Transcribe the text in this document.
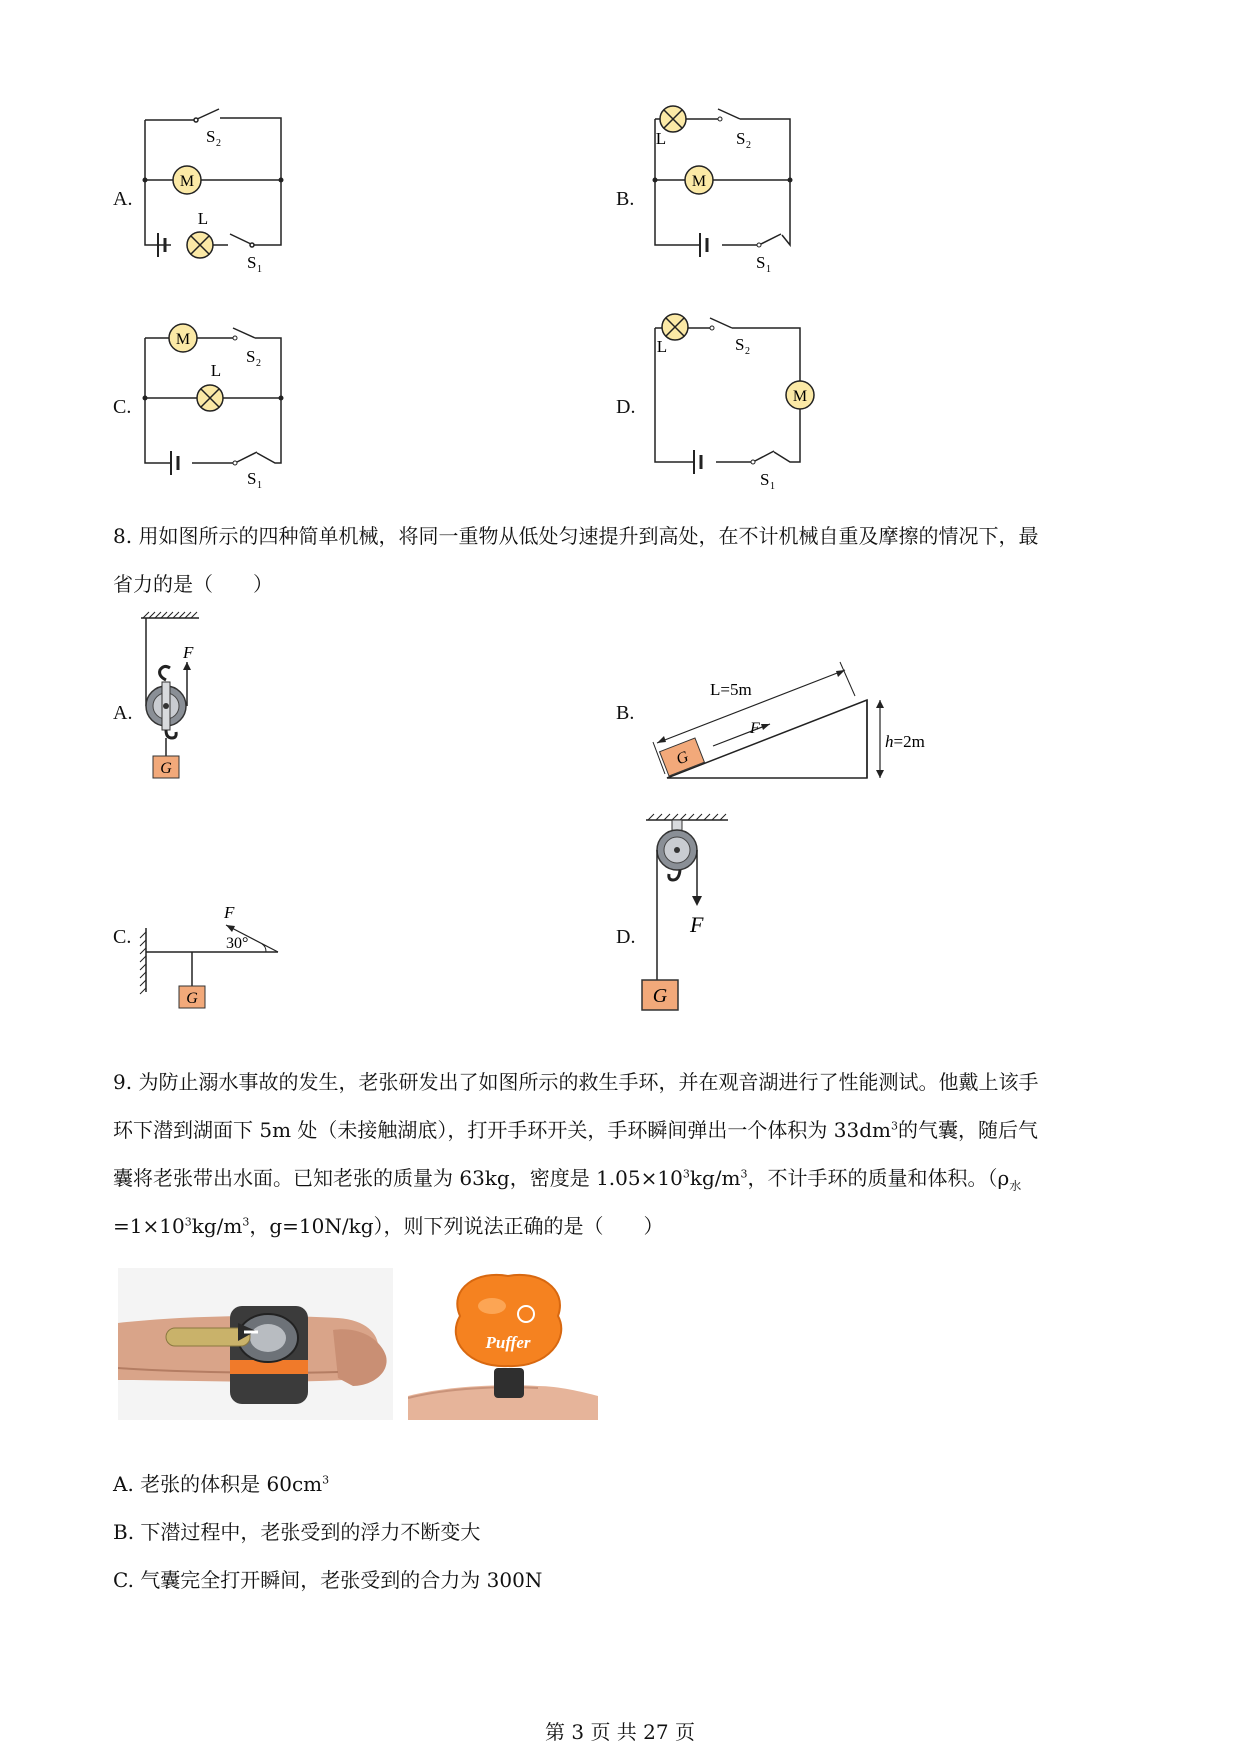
A.	B.
C.	D.
M
L
S 2
S 1
M
L	S 2
S 1
M
L
S 2
S 1
M
L	S 2
S 1
8. 用如图所示的四种简单机械，将同一重物从低处匀速提升到高处，在不计机械自重及摩擦的情况下，最
省力的是（　　）
A.	B.
C.	D.
G
F
h=2m
L=5m
G
F
30°
F
G
F
G
9. 为防止溺水事故的发生，老张研发出了如图所示的救生手环，并在观音湖进行了性能测试。他戴上该手
环下潜到湖面下 5m 处（未接触湖底），打开手环开关，手环瞬间弹出一个体积为 $33dm^3$的气囊，随后气
囊将老张带出水面。已知老张的质量为 63kg，密度是 $1.05\times 10^3kg/m^3$，不计手环的质量和体积。（$\rho_水$
$=1\times 10^3kg/m^3$，g=10N/kg），则下列说法正确的是（　　）
Puffer
A. 老张的体积是 $60cm^3$
B. 下潜过程中，老张受到的浮力不断变大
C. 气囊完全打开瞬间，老张受到的合力为 300N
第 3 页 共 27 页
